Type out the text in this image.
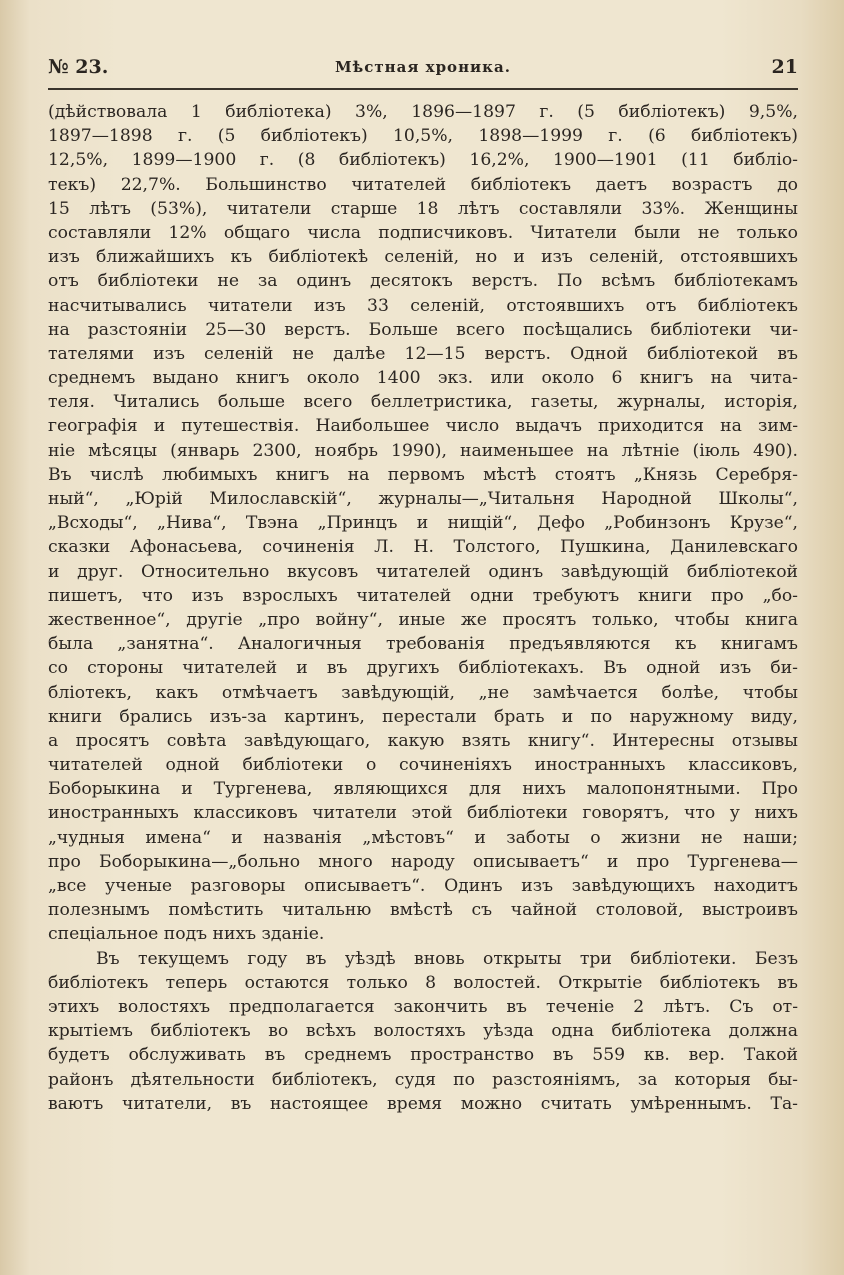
№ 23.	Мѣстная хроника.	21
(дѣйствовала 1 библіотека) 3%, 1896—1897 г. (5 библіотекъ) 9,5%,
1897—1898 г. (5 библіотекъ) 10,5%, 1898—1999 г. (6 библіотекъ)
12,5%, 1899—1900 г. (8 библіотекъ) 16,2%, 1900—1901 (11 библіо-
текъ) 22,7%. Большинство читателей библіотекъ даетъ возрастъ до
15 лѣтъ (53%), читатели старше 18 лѣтъ составляли 33%. Женщины
составляли 12% общаго числа подписчиковъ. Читатели были не только
изъ ближайшихъ къ библіотекѣ селеній, но и изъ селеній, отстоявшихъ
отъ библіотеки не за одинъ десятокъ верстъ. По всѣмъ библіотекамъ
насчитывались читатели изъ 33 селеній, отстоявшихъ отъ библіотекъ
на разстояніи 25—30 верстъ. Больше всего посѣщались библіотеки чи-
тателями изъ селеній не далѣе 12—15 верстъ. Одной библіотекой въ
среднемъ выдано книгъ около 1400 экз. или около 6 книгъ на чита-
теля. Читались больше всего беллетристика, газеты, журналы, исторія,
географія и путешествія. Наибольшее число выдачъ приходится на зим-
ніе мѣсяцы (январь 2300, ноябрь 1990), наименьшее на лѣтніе (іюль 490).
Въ числѣ любимыхъ книгъ на первомъ мѣстѣ стоятъ „Князь Серебря-
ный“, „Юрій Милославскій“, журналы—„Читальня Народной Школы“,
„Всходы“, „Нива“, Твэна „Принцъ и нищій“, Дефо „Робинзонъ Крузе“,
сказки Афонасьева, сочиненія Л. Н. Толстого, Пушкина, Данилевскаго
и друг. Относительно вкусовъ читателей одинъ завѣдующій библіотекой
пишетъ, что изъ взрослыхъ читателей одни требуютъ книги про „бо-
жественное“, другіе „про войну“, иные же просятъ только, чтобы книга
была „занятна“. Аналогичныя требованія предъявляются къ книгамъ
со стороны читателей и въ другихъ библіотекахъ. Въ одной изъ би-
бліотекъ, какъ отмѣчаетъ завѣдующій, „не замѣчается болѣе, чтобы
книги брались изъ-за картинъ, перестали брать и по наружному виду,
а просятъ совѣта завѣдующаго, какую взять книгу“. Интересны отзывы
читателей одной библіотеки о сочиненіяхъ иностранныхъ классиковъ,
Боборыкина и Тургенева, являющихся для нихъ малопонятными. Про
иностранныхъ классиковъ читатели этой библіотеки говорятъ, что у нихъ
„чудныя имена“ и названія „мѣстовъ“ и заботы о жизни не наши;
про Боборыкина—„больно много народу описываетъ“ и про Тургенева—
„все ученые разговоры описываетъ“. Одинъ изъ завѣдующихъ находитъ
полезнымъ помѣстить читальню вмѣстѣ съ чайной столовой, выстроивъ
спеціальное подъ нихъ зданіе.
Въ текущемъ году въ уѣздѣ вновь открыты три библіотеки. Безъ
библіотекъ теперь остаются только 8 волостей. Открытіе библіотекъ въ
этихъ волостяхъ предполагается закончить въ теченіе 2 лѣтъ. Съ от-
крытіемъ библіотекъ во всѣхъ волостяхъ уѣзда одна библіотека должна
будетъ обслуживать въ среднемъ пространство въ 559 кв. вер. Такой
районъ дѣятельности библіотекъ, судя по разстояніямъ, за которыя бы-
ваютъ читатели, въ настоящее время можно считать умѣреннымъ. Та-
